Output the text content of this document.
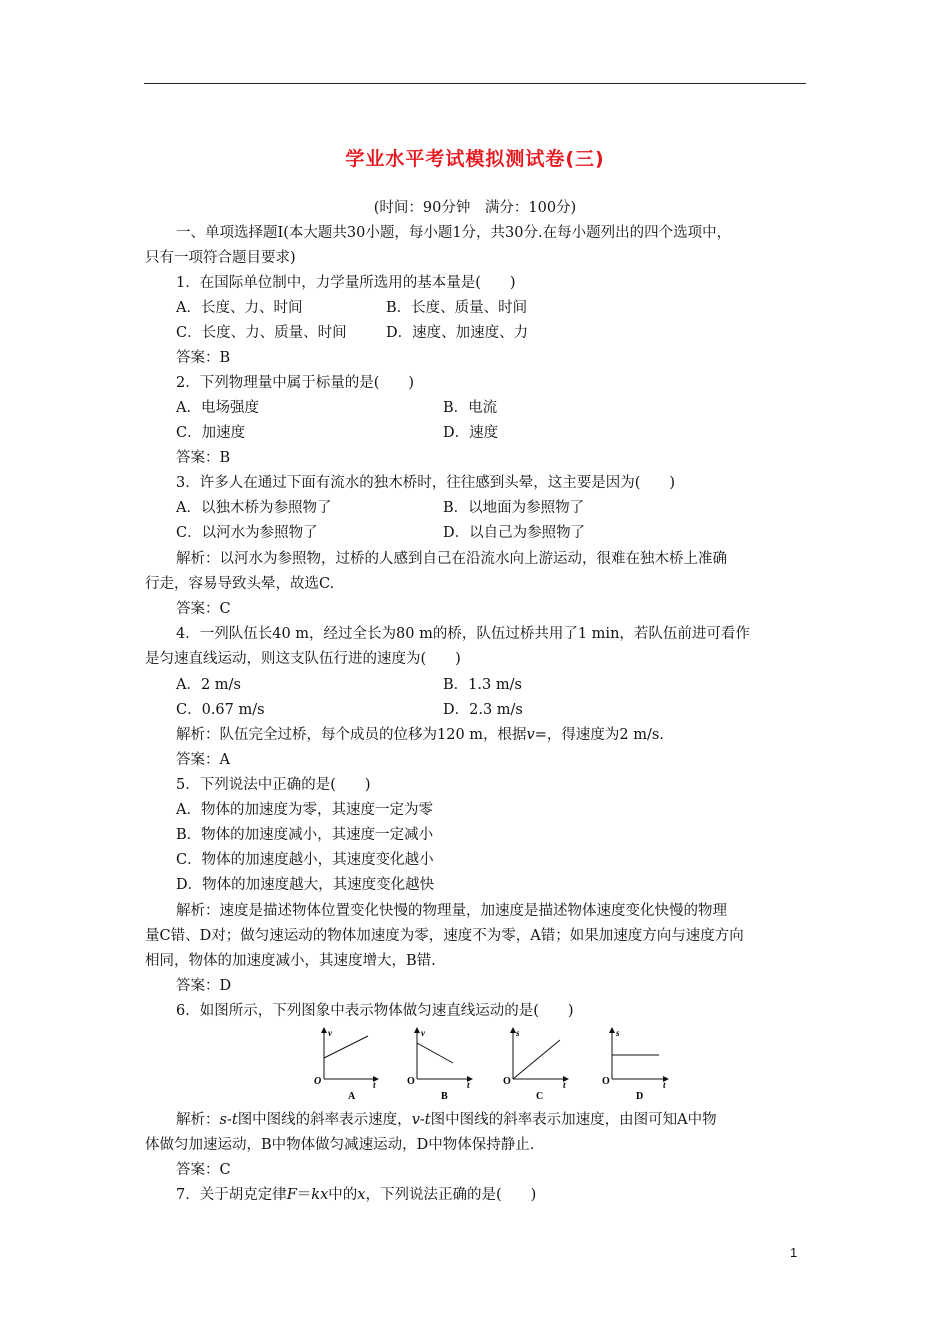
学业水平考试模拟测试卷(三)
(时间：90分钟　满分：100分)
一、单项选择题Ⅰ(本大题共30小题，每小题1分，共30分.在每小题列出的四个选项中，
只有一项符合题目要求)
1．在国际单位制中，力学量所选用的基本量是(　　)
A．长度、力、时间	B．长度、质量、时间
C．长度、力、质量、时间	D．速度、加速度、力
答案：B
2．下列物理量中属于标量的是(　　)
A．电场强度	B．电流
C．加速度	D．速度
答案：B
3．许多人在通过下面有流水的独木桥时，往往感到头晕，这主要是因为(　　)
A．以独木桥为参照物了	B．以地面为参照物了
C．以河水为参照物了	D．以自己为参照物了
解析：以河水为参照物，过桥的人感到自己在沿流水向上游运动，很难在独木桥上准确
行走，容易导致头晕，故选C.
答案：C
4．一列队伍长40 m，经过全长为80 m的桥，队伍过桥共用了1 min，若队伍前进可看作
是匀速直线运动，则这支队伍行进的速度为(　　)
A．2 m/s	B．1.3 m/s
C．0.67 m/s	D．2.3 m/s
解析：队伍完全过桥，每个成员的位移为120 m，根据v=，得速度为2 m/s.
答案：A
5．下列说法中正确的是(　　)
A．物体的加速度为零，其速度一定为零
B．物体的加速度减小，其速度一定减小
C．物体的加速度越小，其速度变化越小
D．物体的加速度越大，其速度变化越快
解析：速度是描述物体位置变化快慢的物理量，加速度是描述物体速度变化快慢的物理
量C错、D对；做匀速运动的物体加速度为零，速度不为零，A错；如果加速度方向与速度方向
相同，物体的加速度减小，其速度增大，B错.
答案：D
6．如图所示，下列图象中表示物体做匀速直线运动的是(　　)
v
O	t
A
v
O	t
B
s
O	t
C
s
O	t
D
解析：s-t图中图线的斜率表示速度，v-t图中图线的斜率表示加速度，由图可知A中物
体做匀加速运动，B中物体做匀减速运动，D中物体保持静止.
答案：C
7．关于胡克定律F＝kx中的x，下列说法正确的是(　　)
1
